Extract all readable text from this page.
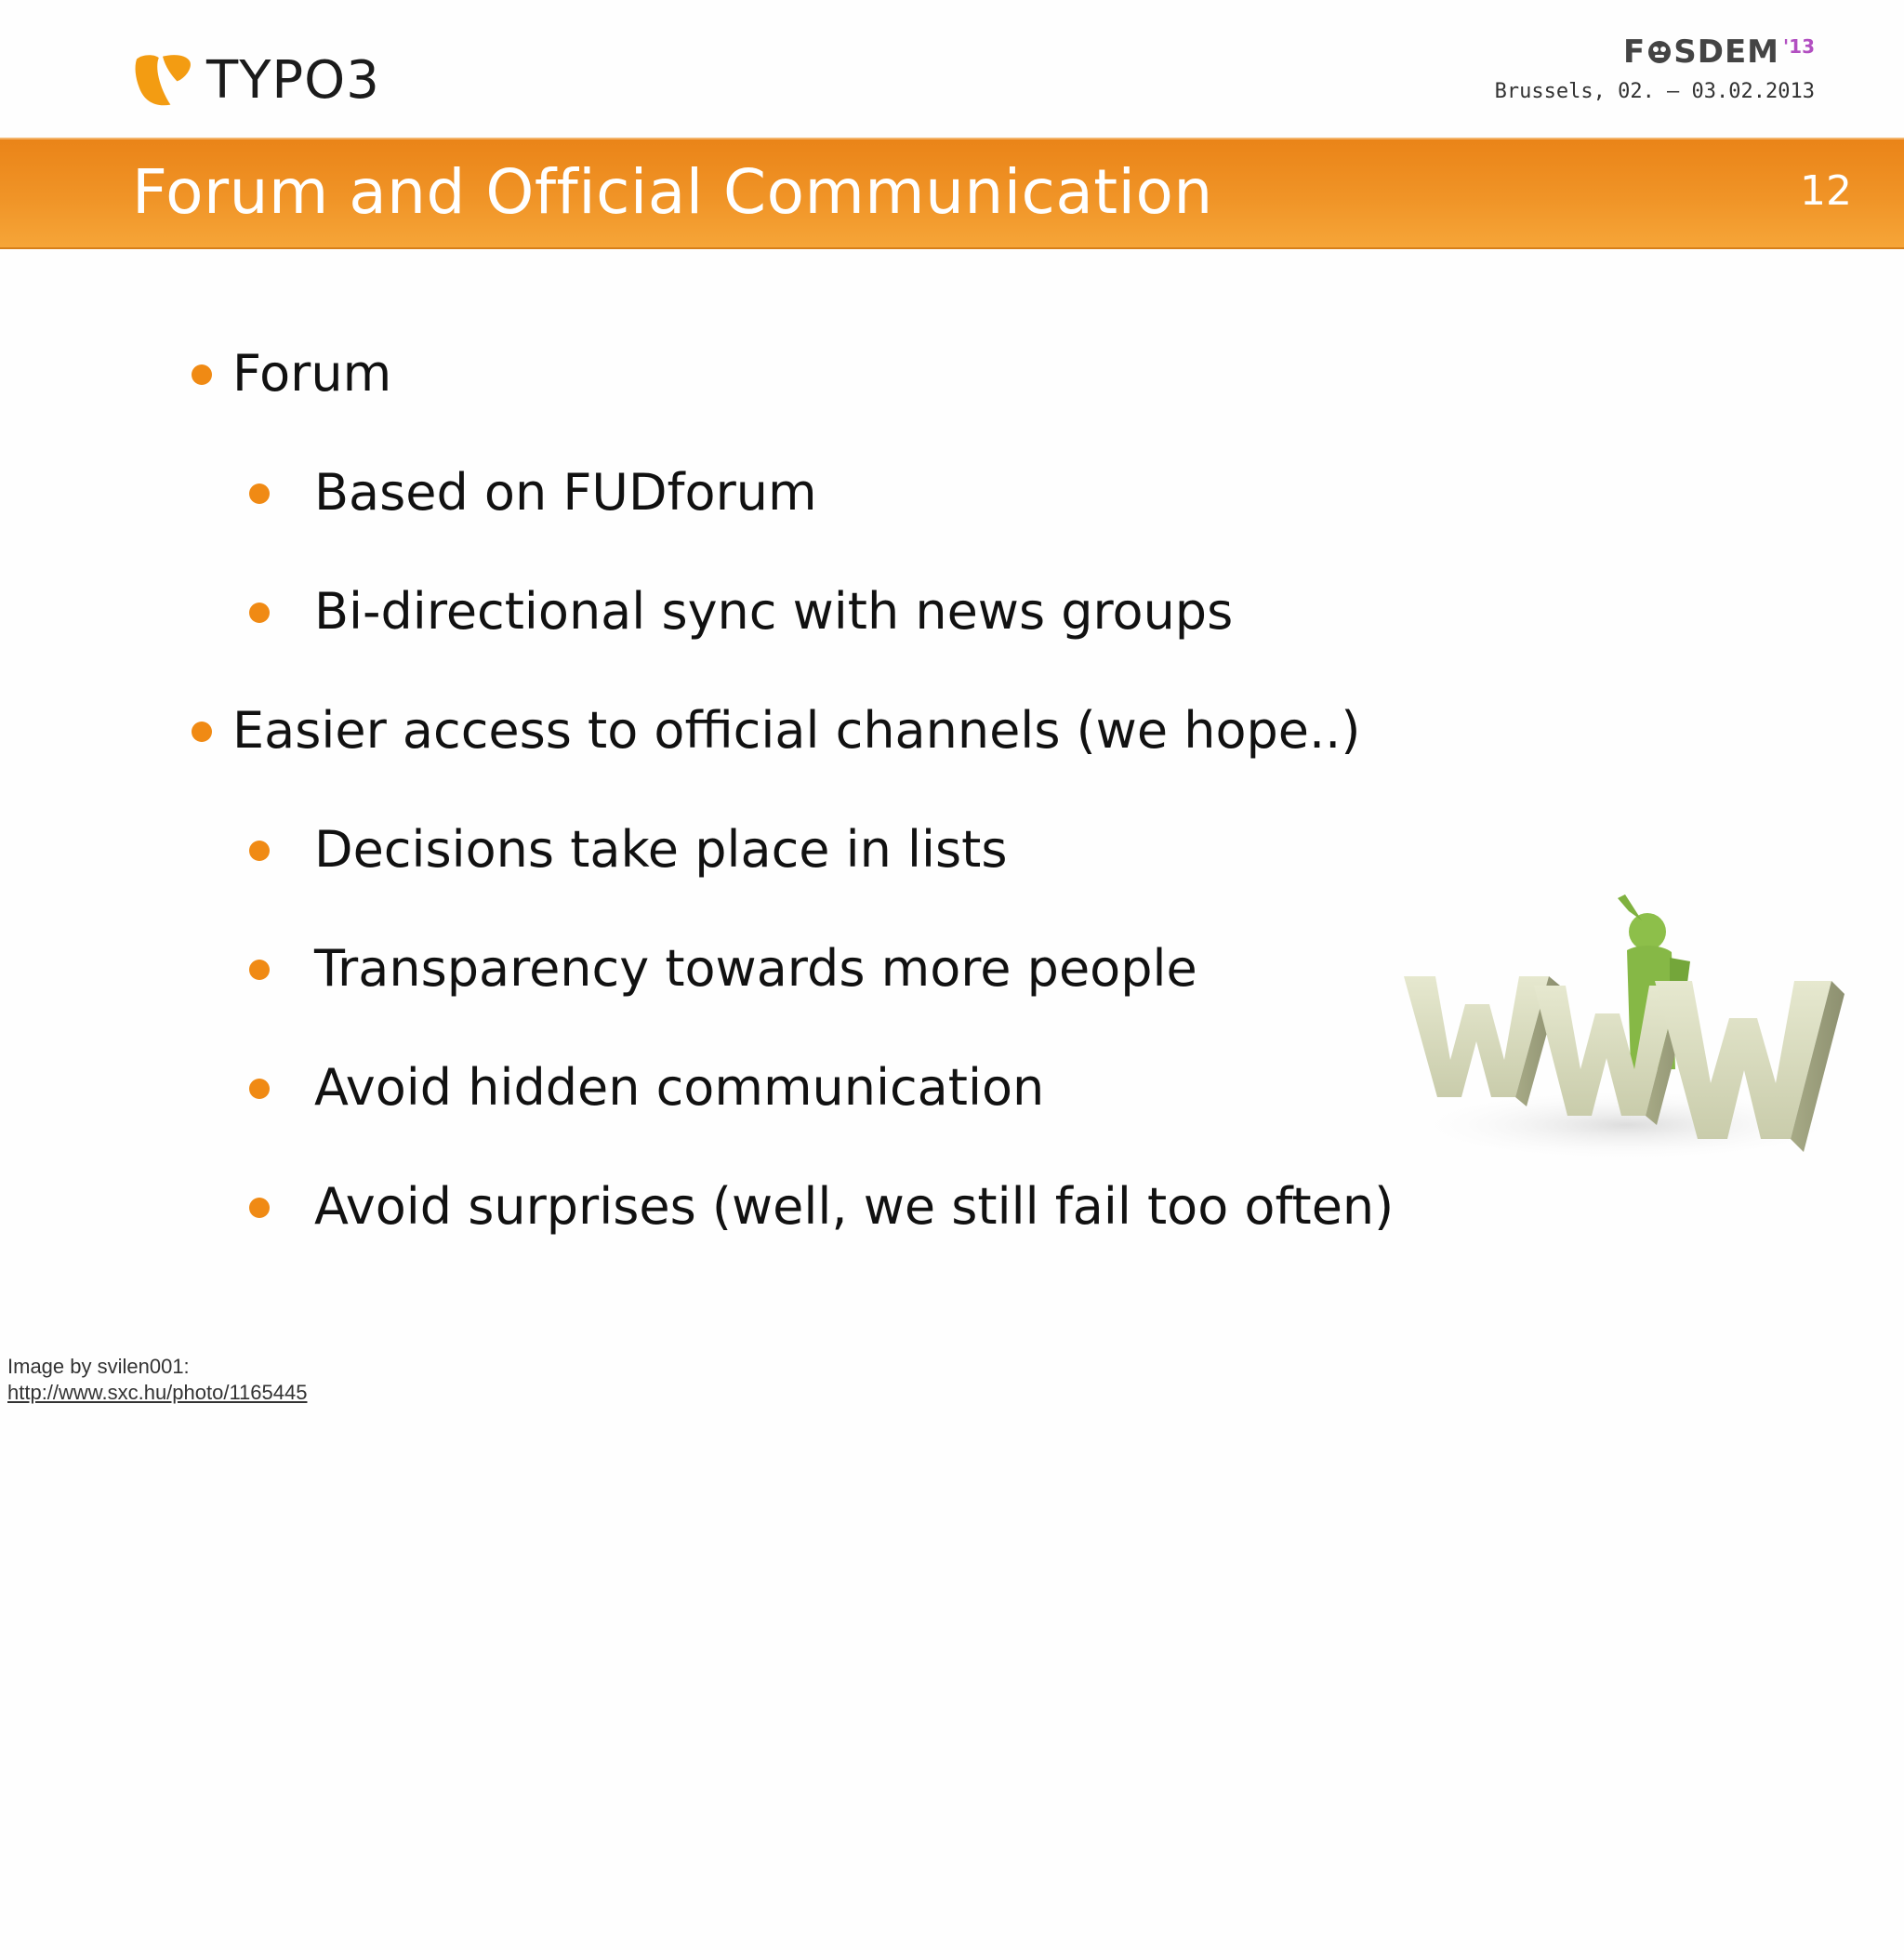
TYPO3	F SDEM '13
Brussels, 02. – 03.02.2013
Forum and Official Communication	12
Forum
Based on FUDforum
Bi-directional sync with news groups
Easier access to official channels (we hope..)
Decisions take place in lists
Transparency towards more people
Avoid hidden communication
Avoid surprises (well, we still fail too often)
Image by svilen001:
http://www.sxc.hu/photo/1165445
